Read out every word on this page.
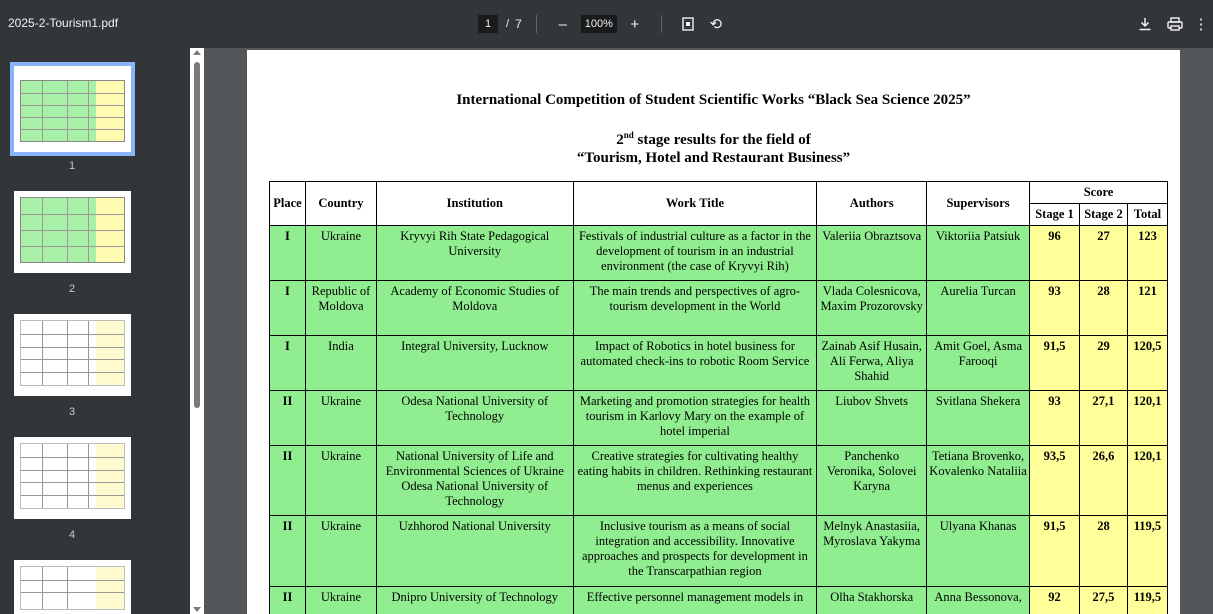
2025-2-Tourism1.pdf	1	/ 7 –	100% +	⟲	⋮
1
2
3
4
International Competition of Student Scientific Works “Black Sea Science 2025”
2nd stage results for the field of
“Tourism, Hotel and Restaurant Business”
Place	Country	Institution	Work Title	Authors	Supervisors	Score		
						Stage 1	Stage 2	Total
I	Ukraine	Kryvyi Rih State Pedagogical University	Festivals of industrial culture as a factor in the development of tourism in an industrial environment (the case of Kryvyi Rih)	Valeriia Obraztsova	Viktoriia Patsiuk	96	27	123
I	Republic of Moldova	Academy of Economic Studies of Moldova	The main trends and perspectives of agro-tourism development in the World	Vlada Colesnicova, Maxim Prozorovsky	Aurelia Turcan	93	28	121
I	India	Integral University, Lucknow	Impact of Robotics in hotel business for automated check-ins to robotic Room Service	Zainab Asif Husain, Ali Ferwa, Aliya Shahid	Amit Goel, Asma Farooqi	91,5	29	120,5
II	Ukraine	Odesa National University of Technology	Marketing and promotion strategies for health tourism in Karlovy Mary on the example of hotel imperial	Liubov Shvets	Svitlana Shekera	93	27,1	120,1
II	Ukraine	National University of Life and Environmental Sciences of Ukraine Odesa National University of Technology	Creative strategies for cultivating healthy eating habits in children. Rethinking restaurant menus and experiences	Panchenko Veronika, Solovei Karyna	Tetiana Brovenko, Kovalenko Nataliia	93,5	26,6	120,1
II	Ukraine	Uzhhorod National University	Inclusive tourism as a means of social integration and accessibility. Innovative approaches and prospects for development in the Transcarpathian region	Melnyk Anastasiia, Myroslava Yakyma	Ulyana Khanas	91,5	28	119,5
II	Ukraine	Dnipro University of Technology	Effective personnel management models in	Olha Stakhorska	Anna Bessonova,	92	27,5	119,5
